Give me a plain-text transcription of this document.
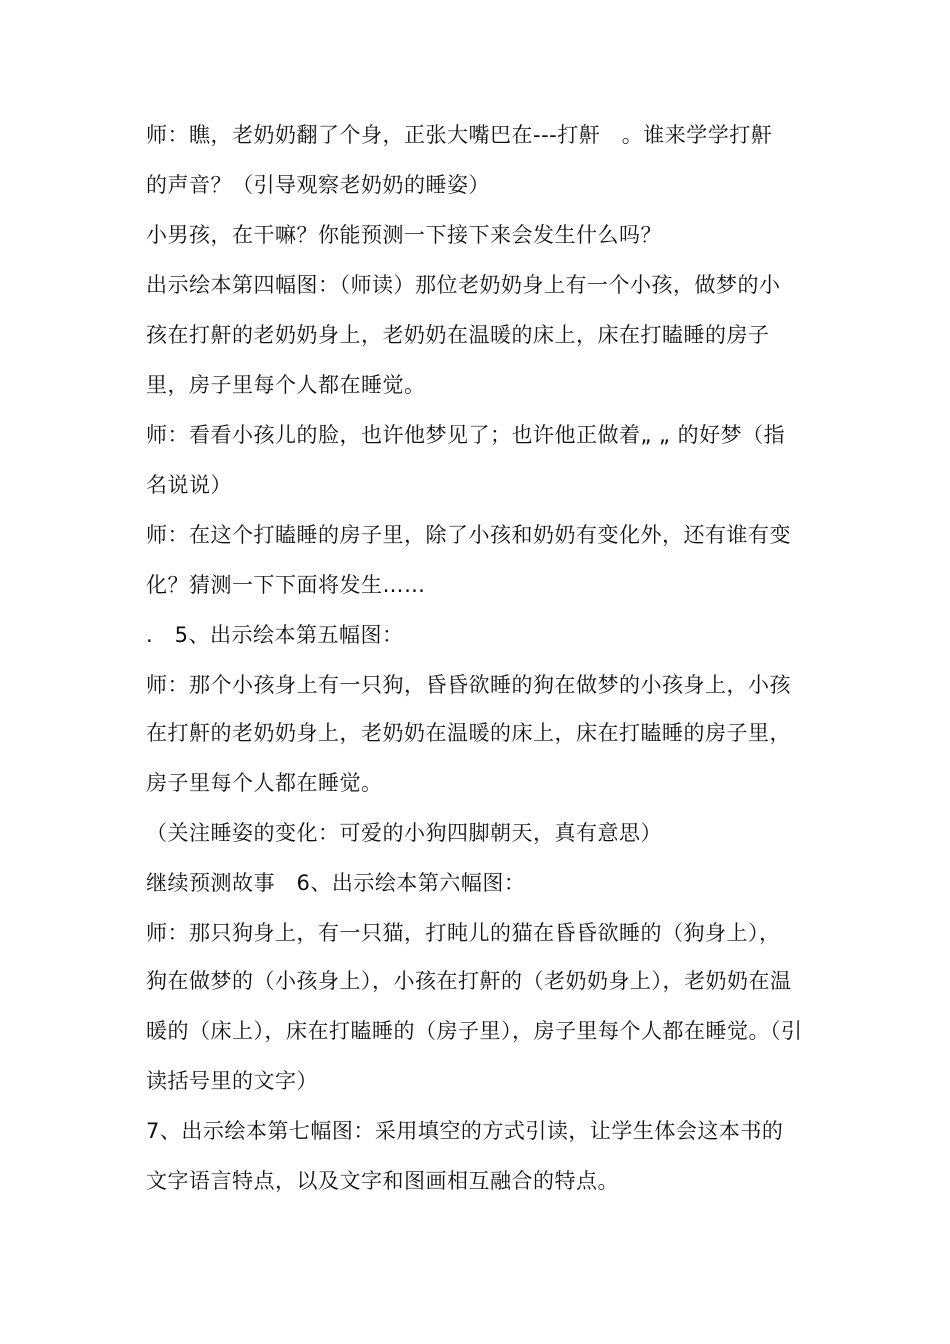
师：瞧，老奶奶翻了个身，正张大嘴巴在---打鼾　。谁来学学打鼾
的声音？（引导观察老奶奶的睡姿）
小男孩，在干嘛？你能预测一下接下来会发生什么吗？
出示绘本第四幅图：（师读）那位老奶奶身上有一个小孩，做梦的小
孩在打鼾的老奶奶身上，老奶奶在温暖的床上，床在打瞌睡的房子
里，房子里每个人都在睡觉。
师：看看小孩儿的脸，也许他梦见了；也许他正做着„ „ 的好梦（指
名说说）
师：在这个打瞌睡的房子里，除了小孩和奶奶有变化外，还有谁有变
化？猜测一下下面将发生……
.　5、出示绘本第五幅图：
师：那个小孩身上有一只狗，昏昏欲睡的狗在做梦的小孩身上，小孩
在打鼾的老奶奶身上，老奶奶在温暖的床上，床在打瞌睡的房子里，
房子里每个人都在睡觉。
（关注睡姿的变化：可爱的小狗四脚朝天，真有意思）
继续预测故事　6、出示绘本第六幅图：
师：那只狗身上，有一只猫，打盹儿的猫在昏昏欲睡的（狗身上），
狗在做梦的（小孩身上），小孩在打鼾的（老奶奶身上），老奶奶在温
暖的（床上），床在打瞌睡的（房子里），房子里每个人都在睡觉。（引
读括号里的文字）
7、出示绘本第七幅图：采用填空的方式引读，让学生体会这本书的
文字语言特点，以及文字和图画相互融合的特点。
